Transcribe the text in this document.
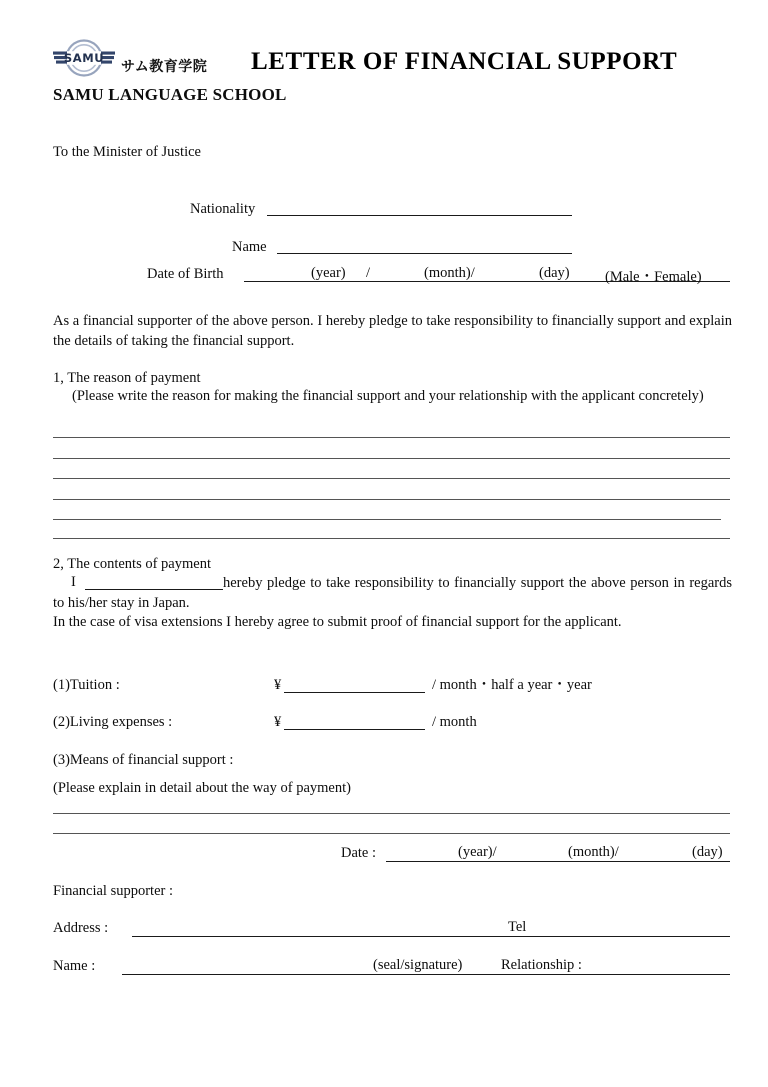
SAMU
サム教育学院 LETTER OF FINANCIAL SUPPORT
SAMU LANGUAGE SCHOOL
To the Minister of Justice
Nationality
Name
Date of Birth	(year) /	(month)/	(day) (Male・Female)
As a financial supporter of the above person. I hereby pledge to take responsibility to financially support and explain the details of taking the financial support.
1, The reason of payment
(Please write the reason for making the financial support and your relationship with the applicant concretely)
2, The contents of payment
I	hereby pledge to take responsibility to financially support the above person in regards to his/her stay in Japan.
In the case of visa extensions I hereby agree to submit proof of financial support for the applicant.
(1)Tuition :	¥	/ month・half a year・year
(2)Living expenses :	¥	/ month
(3)Means of financial support :
(Please explain in detail about the way of payment)
Date :	(year)/	(month)/	(day)
Financial supporter :
Address :	Tel
Name :	(seal/signature)	Relationship :
